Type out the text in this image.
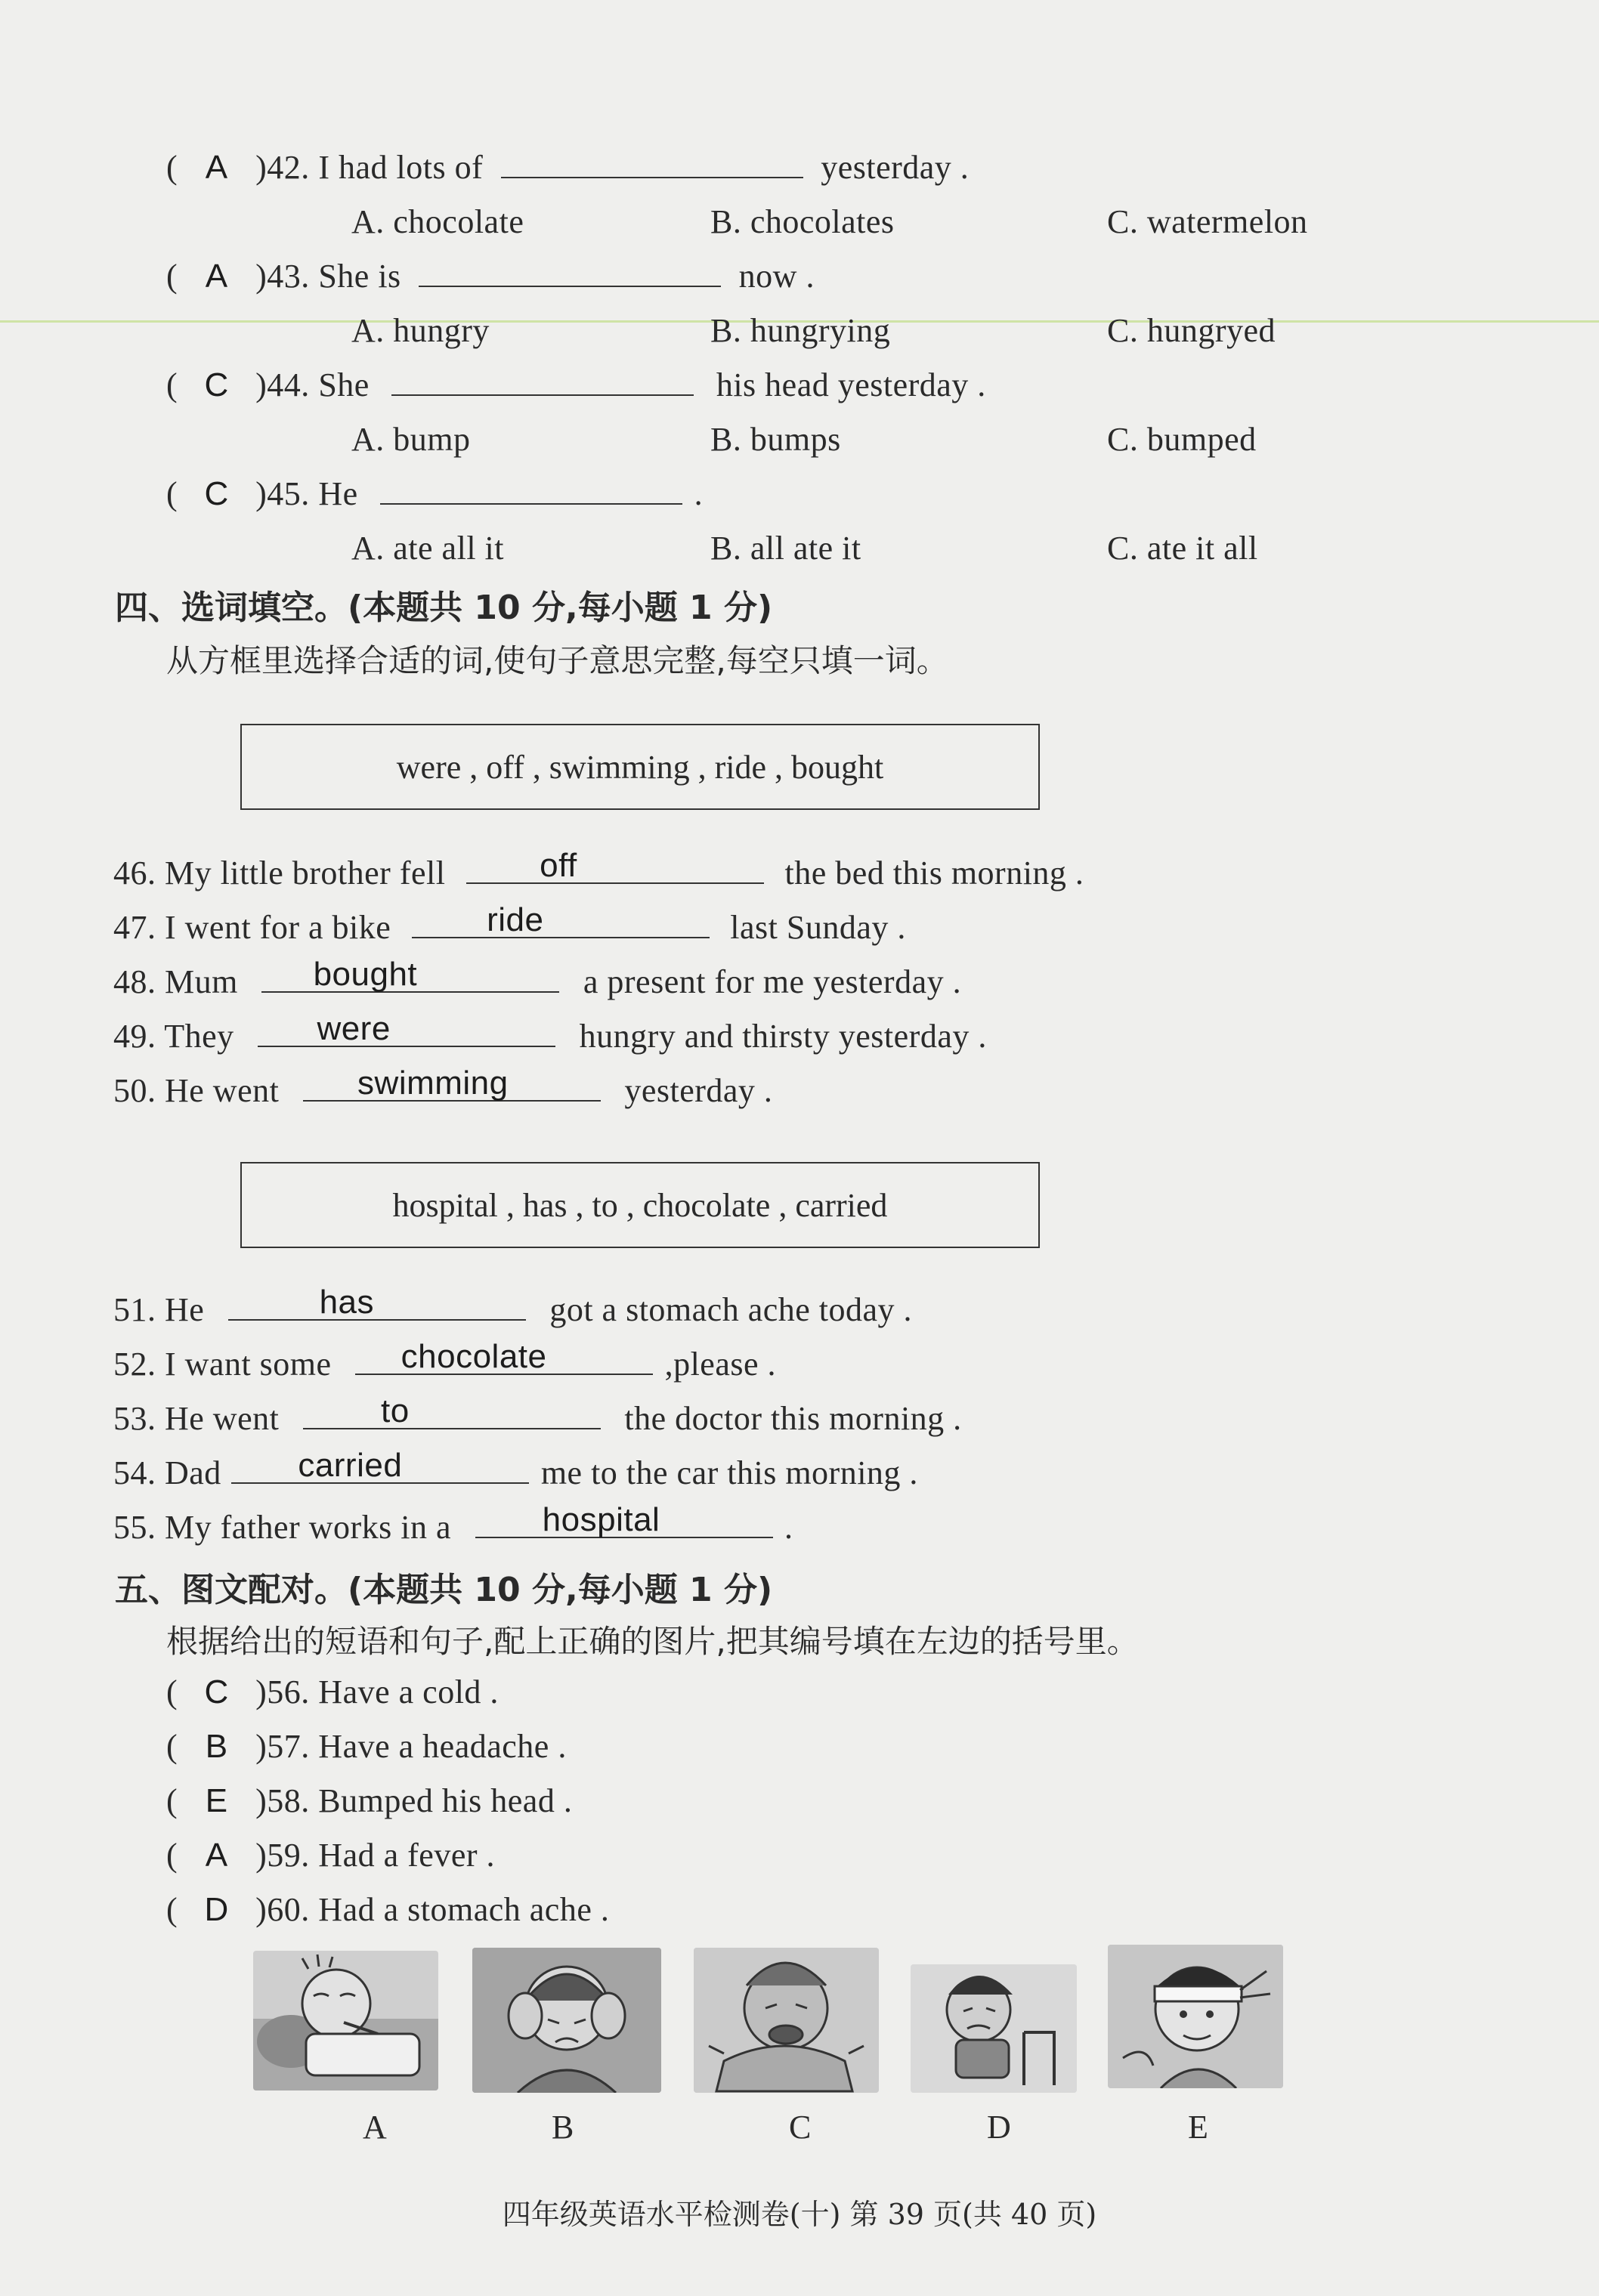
( A )42. I had lots of	yesterday .
A. chocolate	B. chocolates	C. watermelon
( A )43. She is	now .
A. hungry	B. hungrying	C. hungryed
( C )44. She	his head yesterday .
A. bump	B. bumps	C. bumped
( C )45. He	.
A. ate all it	B. all ate it	C. ate it all
四、选词填空。(本题共 10 分,每小题 1 分)
从方框里选择合适的词,使句子意思完整,每空只填一词。
were , off , swimming , ride , bought
46. My little brother fell	off	the bed this morning .
47. I went for a bike	ride	last Sunday .
48. Mum	bought	a present for me yesterday .
49. They	were	hungry and thirsty yesterday .
50. He went	swimming	yesterday .
hospital , has , to , chocolate , carried
51. He	has	got a stomach ache today .
52. I want some	chocolate	,please .
53. He went	to	the doctor this morning .
54. Dad	carried	me to the car this morning .
55. My father works in a	hospital	.
五、图文配对。(本题共 10 分,每小题 1 分)
根据给出的短语和句子,配上正确的图片,把其编号填在左边的括号里。
( C )56. Have a cold .
( B )57. Have a headache .
( E )58. Bumped his head .
( A )59. Had a fever .
( D )60. Had a stomach ache .
A	B	C	D	E
四年级英语水平检测卷(十) 第 39 页(共 40 页)
